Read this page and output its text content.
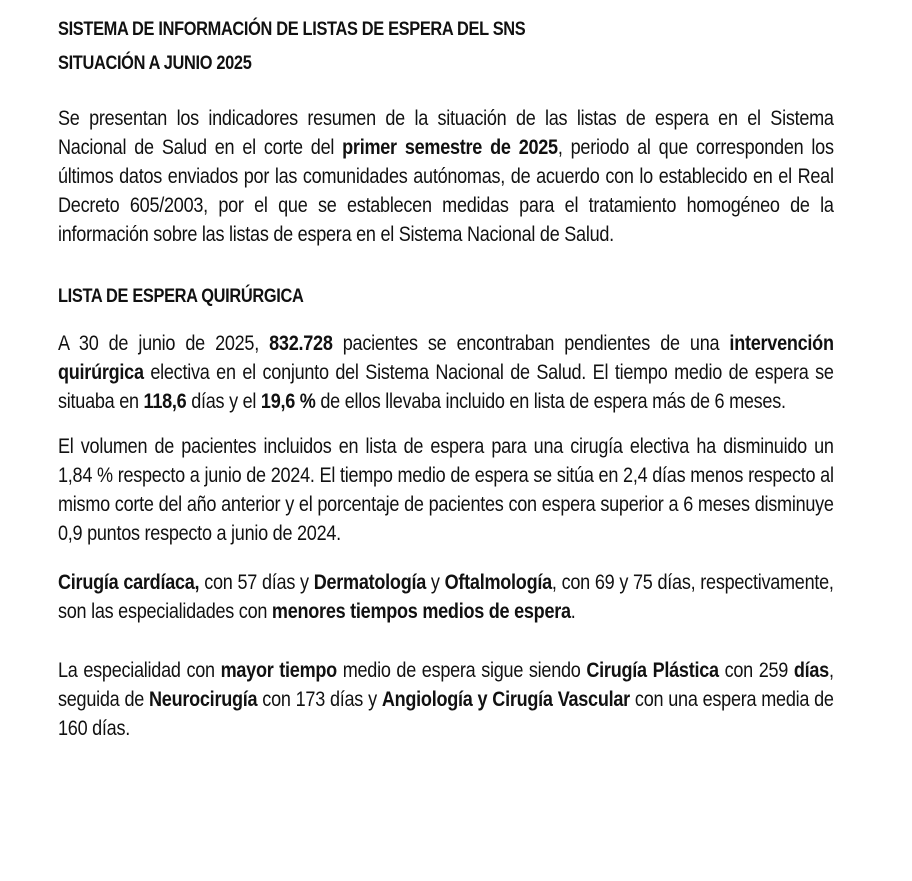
SISTEMA DE INFORMACIÓN DE LISTAS DE ESPERA DEL SNS

SITUACIÓN A JUNIO 2025

Se presentan los indicadores resumen de la situación de las listas de espera en el Sistema Nacional de Salud en el corte del primer semestre de 2025, periodo al que corresponden los últimos datos enviados por las comunidades autónomas, de acuerdo con lo establecido en el Real Decreto 605/2003, por el que se establecen medidas para el tratamiento homogéneo de la información sobre las listas de espera en el Sistema Nacional de Salud.

LISTA DE ESPERA QUIRÚRGICA

A 30 de junio de 2025, 832.728 pacientes se encontraban pendientes de una intervención quirúrgica electiva en el conjunto del Sistema Nacional de Salud. El tiempo medio de espera se situaba en 118,6 días y el 19,6 % de ellos llevaba incluido en lista de espera más de 6 meses.

El volumen de pacientes incluidos en lista de espera para una cirugía electiva ha disminuido un 1,84 % respecto a junio de 2024. El tiempo medio de espera se sitúa en 2,4 días menos respecto al mismo corte del año anterior y el porcentaje de pacientes con espera superior a 6 meses disminuye 0,9 puntos respecto a junio de 2024.

Cirugía cardíaca, con 57 días y Dermatología y Oftalmología, con 69 y 75 días, respectivamente, son las especialidades con menores tiempos medios de espera.

La especialidad con mayor tiempo medio de espera sigue siendo Cirugía Plástica con 259 días, seguida de Neurocirugía con 173 días y Angiología y Cirugía Vascular con una espera media de 160 días.
